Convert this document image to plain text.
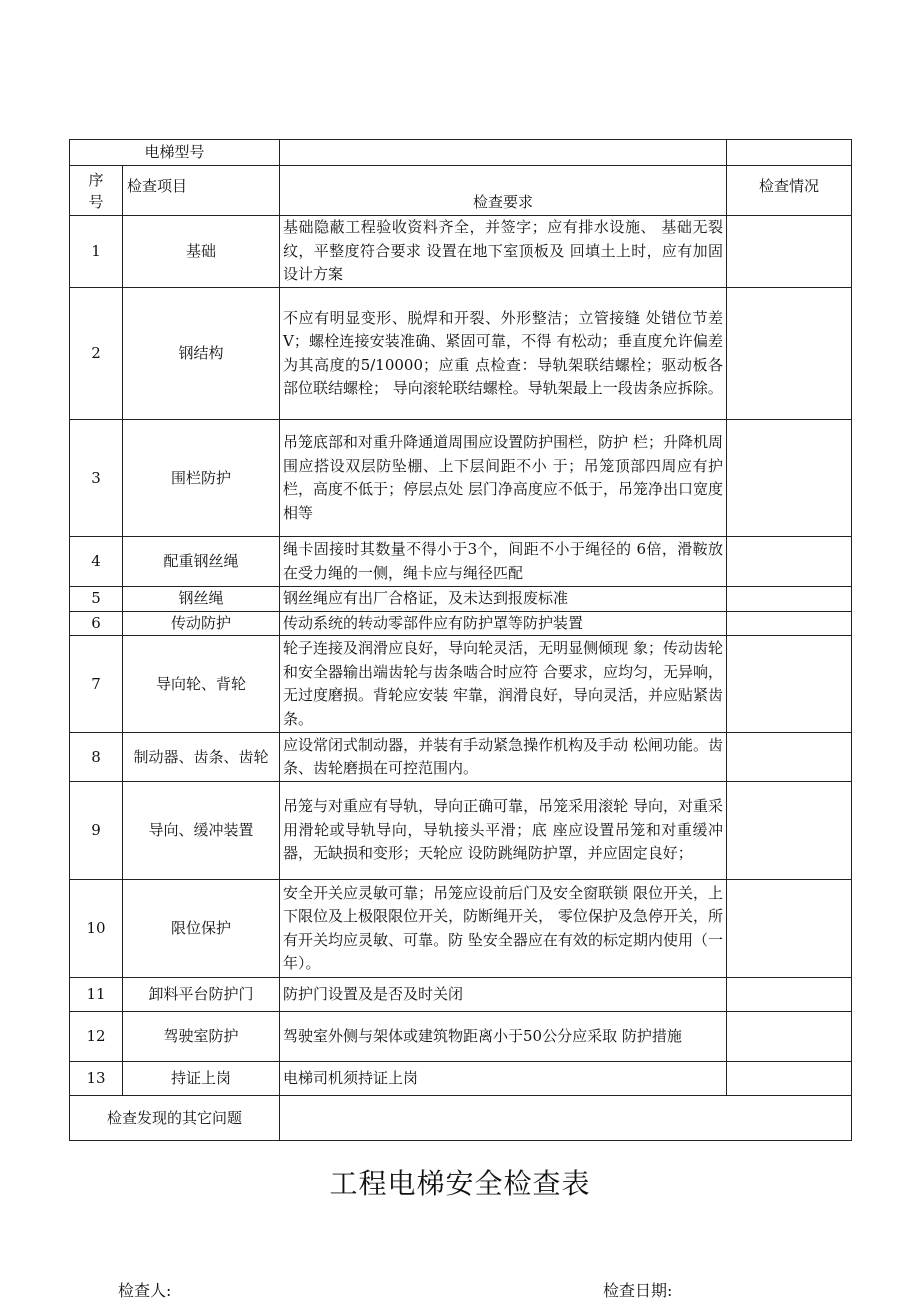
电梯型号			

序号	检查项目	检查要求	检查情况
1	基础	基础隐蔽工程验收资料齐全，并签字；应有排水设施、 基础无裂纹，平整度符合要求 设置在地下室顶板及 回填土上时，应有加固设计方案	
2	钢结构	不应有明显变形、脱焊和开裂、外形整洁；立管接缝 处错位节差V；螺栓连接安装准确、紧固可靠，不得 有松动；垂直度允许偏差为其高度的5/10000；应重 点检查：导轨架联结螺栓；驱动板各部位联结螺栓； 导向滚轮联结螺栓。导轨架最上一段齿条应拆除。	
3	围栏防护	吊笼底部和对重升降通道周围应设置防护围栏，防护 栏；升降机周围应搭设双层防坠棚、上下层间距不小 于；吊笼顶部四周应有护栏，高度不低于；停层点处 层门净高度应不低于，吊笼净出口宽度相等	
4	配重钢丝绳	绳卡固接时其数量不得小于3个，间距不小于绳径的 6倍，滑鞍放在受力绳的一侧，绳卡应与绳径匹配	
5	钢丝绳	钢丝绳应有出厂合格证，及未达到报废标准	
6	传动防护	传动系统的转动零部件应有防护罩等防护装置	
7	导向轮、背轮	轮子连接及润滑应良好，导向轮灵活，无明显侧倾现 象；传动齿轮和安全器输出端齿轮与齿条啮合时应符 合要求，应均匀，无异响，无过度磨损。背轮应安装 牢靠，润滑良好，导向灵活，并应贴紧齿条。	
8	制动器、齿条、齿轮	应设常闭式制动器，并装有手动紧急操作机构及手动 松闸功能。齿条、齿轮磨损在可控范围内。	
9	导向、缓冲装置	吊笼与对重应有导轨，导向正确可靠，吊笼采用滚轮 导向，对重采用滑轮或导轨导向，导轨接头平滑；底 座应设置吊笼和对重缓冲器，无缺损和变形；天轮应 设防跳绳防护罩，并应固定良好；	
10	限位保护	安全开关应灵敏可靠；吊笼应设前后门及安全窗联锁 限位开关，上下限位及上极限限位开关，防断绳开关， 零位保护及急停开关，所有开关均应灵敏、可靠。防 坠安全器应在有效的标定期内使用（一年）。	
11	卸料平台防护门	防护门设置及是否及时关闭	
12	驾驶室防护	驾驶室外侧与架体或建筑物距离小于50公分应采取 防护措施	
13	持证上岗	电梯司机须持证上岗	
检查发现的其它问题			
工程电梯安全检查表
检查人:	检查日期:
